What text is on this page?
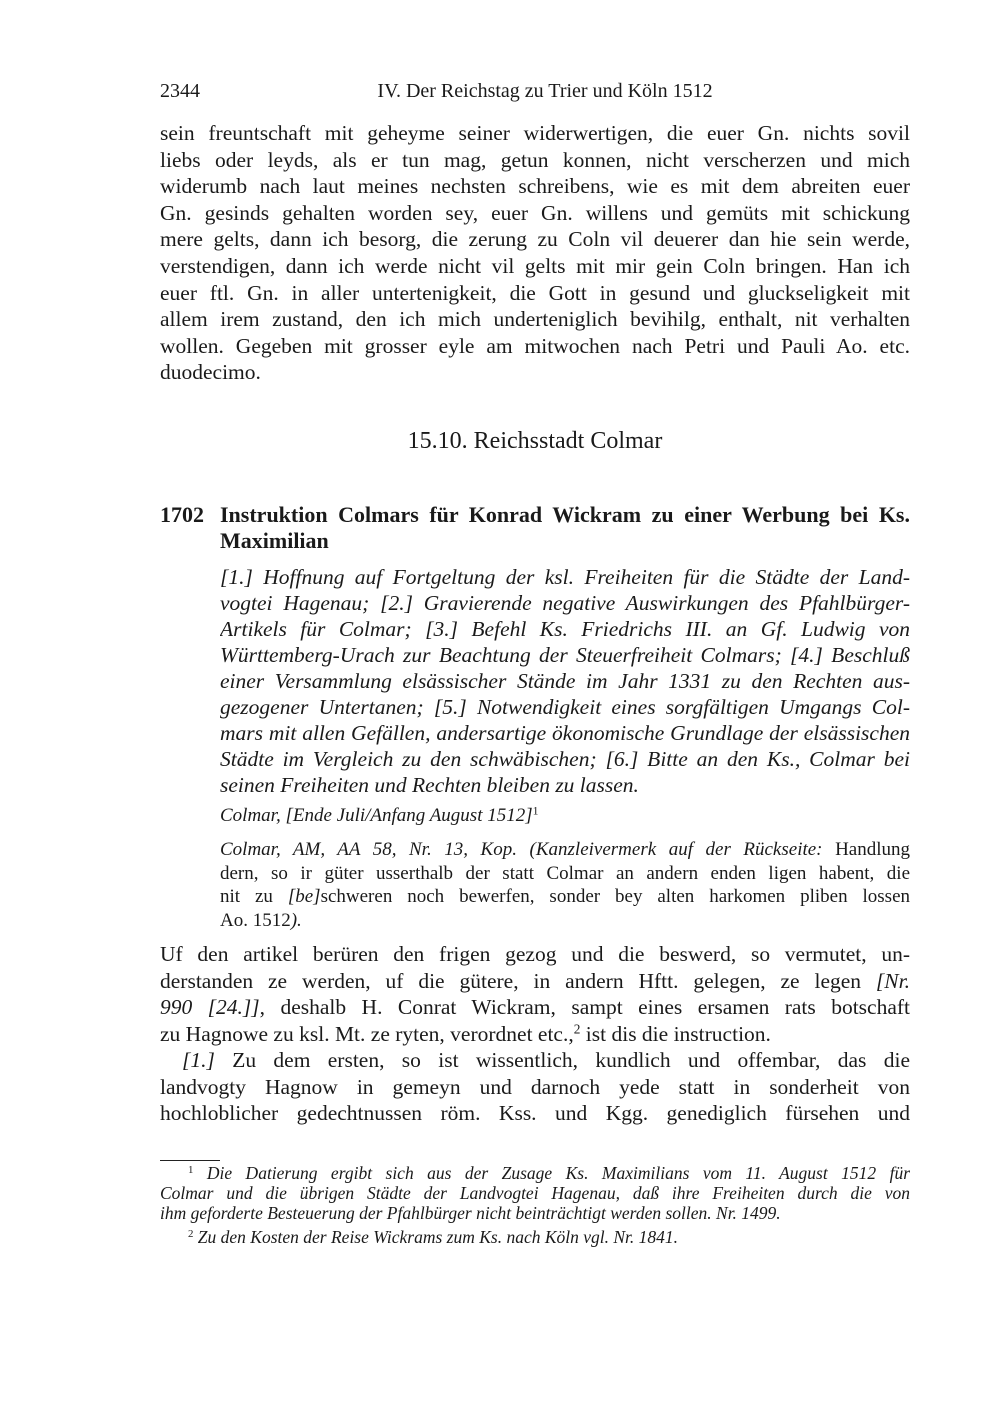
2344	IV. Der Reichstag zu Trier und Köln 1512
sein freuntschaft mit geheyme seiner widerwertigen, die euer Gn. nichts sovil
liebs oder leyds, als er tun mag, getun konnen, nicht verscherzen und mich
widerumb nach laut meines nechsten schreibens, wie es mit dem abreiten euer
Gn. gesinds gehalten worden sey, euer Gn. willens und gemüts mit schickung
mere gelts, dann ich besorg, die zerung zu Coln vil deuerer dan hie sein werde,
verstendigen, dann ich werde nicht vil gelts mit mir gein Coln bringen. Han ich
euer ftl. Gn. in aller untertenigkeit, die Gott in gesund und gluckseligkeit mit
allem irem zustand, den ich mich underteniglich bevihilg, enthalt, nit verhalten
wollen. Gegeben mit grosser eyle am mitwochen nach Petri und Pauli Ao. etc.
duodecimo.
15.10. Reichsstadt Colmar
1702 Instruktion Colmars für Konrad Wickram zu einer Werbung bei Ks.
Maximilian
[1.] Hoffnung auf Fortgeltung der ksl. Freiheiten für die Städte der Land-
vogtei Hagenau; [2.] Gravierende negative Auswirkungen des Pfahlbürger-
Artikels für Colmar; [3.] Befehl Ks. Friedrichs III. an Gf. Ludwig von
Württemberg-Urach zur Beachtung der Steuerfreiheit Colmars; [4.] Beschluß
einer Versammlung elsässischer Stände im Jahr 1331 zu den Rechten aus-
gezogener Untertanen; [5.] Notwendigkeit eines sorgfältigen Umgangs Col-
mars mit allen Gefällen, andersartige ökonomische Grundlage der elsässischen
Städte im Vergleich zu den schwäbischen; [6.] Bitte an den Ks., Colmar bei
seinen Freiheiten und Rechten bleiben zu lassen.
Colmar, [Ende Juli/Anfang August 1512]$^1$
Colmar, AM, AA 58, Nr. 13, Kop. (Kanzleivermerk auf der Rückseite: Handlung
dern, so ir güter usserthalb der statt Colmar an andern enden ligen habent, die
nit zu [be]schweren noch bewerfen, sonder bey alten harkomen pliben lossen
Ao. 1512).
Uf den artikel berüren den frigen gezog und die beswerd, so vermutet, un-
derstanden ze werden, uf die gütere, in andern Hftt. gelegen, ze legen [Nr.
990 [24.]], deshalb H. Conrat Wickram, sampt eines ersamen rats botschaft
zu Hagnowe zu ksl. Mt. ze ryten, verordnet etc.,$^2$ ist dis die instruction.
[1.] Zu dem ersten, so ist wissentlich, kundlich und offembar, das die
landvogty Hagnow in gemeyn und darnoch yede statt in sonderheit von
hochloblicher gedechtnussen röm. Kss. und Kgg. genediglich fürsehen und
$^1$ Die Datierung ergibt sich aus der Zusage Ks. Maximilians vom 11. August 1512 für
Colmar und die übrigen Städte der Landvogtei Hagenau, daß ihre Freiheiten durch die von
ihm geforderte Besteuerung der Pfahlbürger nicht beinträchtigt werden sollen. Nr. 1499.
$^2$ Zu den Kosten der Reise Wickrams zum Ks. nach Köln vgl. Nr. 1841.
